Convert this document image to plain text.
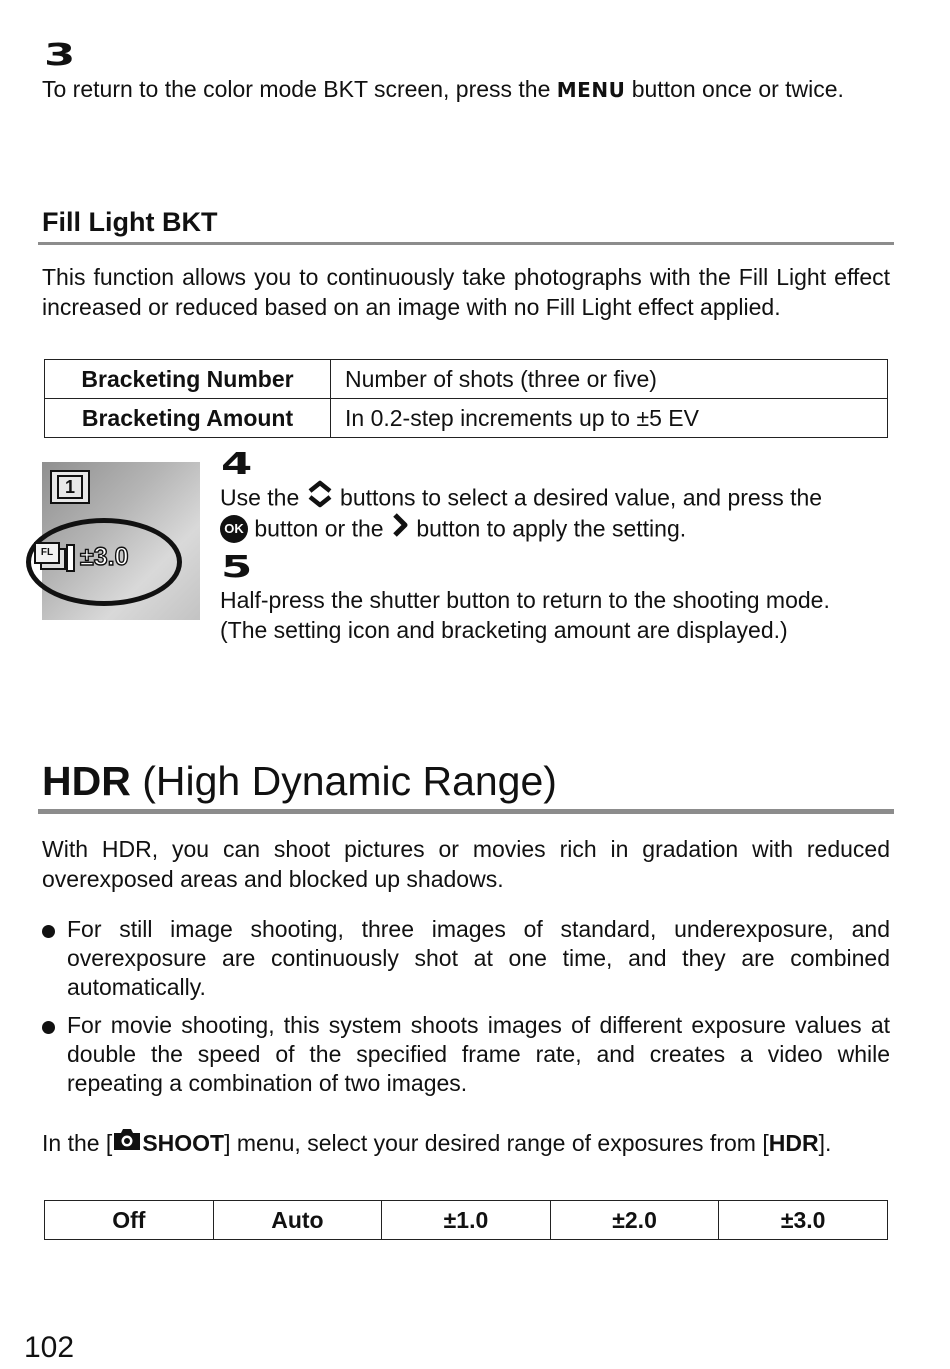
3

To return to the color mode BKT screen, press the MENU button once or twice.

Fill Light BKT

This function allows you to continuously take photographs with the Fill Light effect increased or reduced based on an image with no Fill Light effect applied.

Bracketing Number	Number of shots (three or five)
Bracketing Amount	In 0.2-step increments up to ±5 EV
1
FL ±3.0
4
Use the buttons to select a desired value, and press the
OK button or the button to apply the setting.
5
Half-press the shutter button to return to the shooting mode.
(The setting icon and bracketing amount are displayed.)
HDR (High Dynamic Range)

With HDR, you can shoot pictures or movies rich in gradation with reduced overexposed areas and blocked up shadows.

For still image shooting, three images of standard, underexposure, and overexposure are continuously shot at one time, and they are combined automatically.
For movie shooting, this system shoots images of different exposure values at double the speed of the specified frame rate, and creates a video while repeating a combination of two images.

In the [ SHOOT] menu, select your desired range of exposures from [HDR].

Off	Auto	±1.0	±2.0	±3.0
102
